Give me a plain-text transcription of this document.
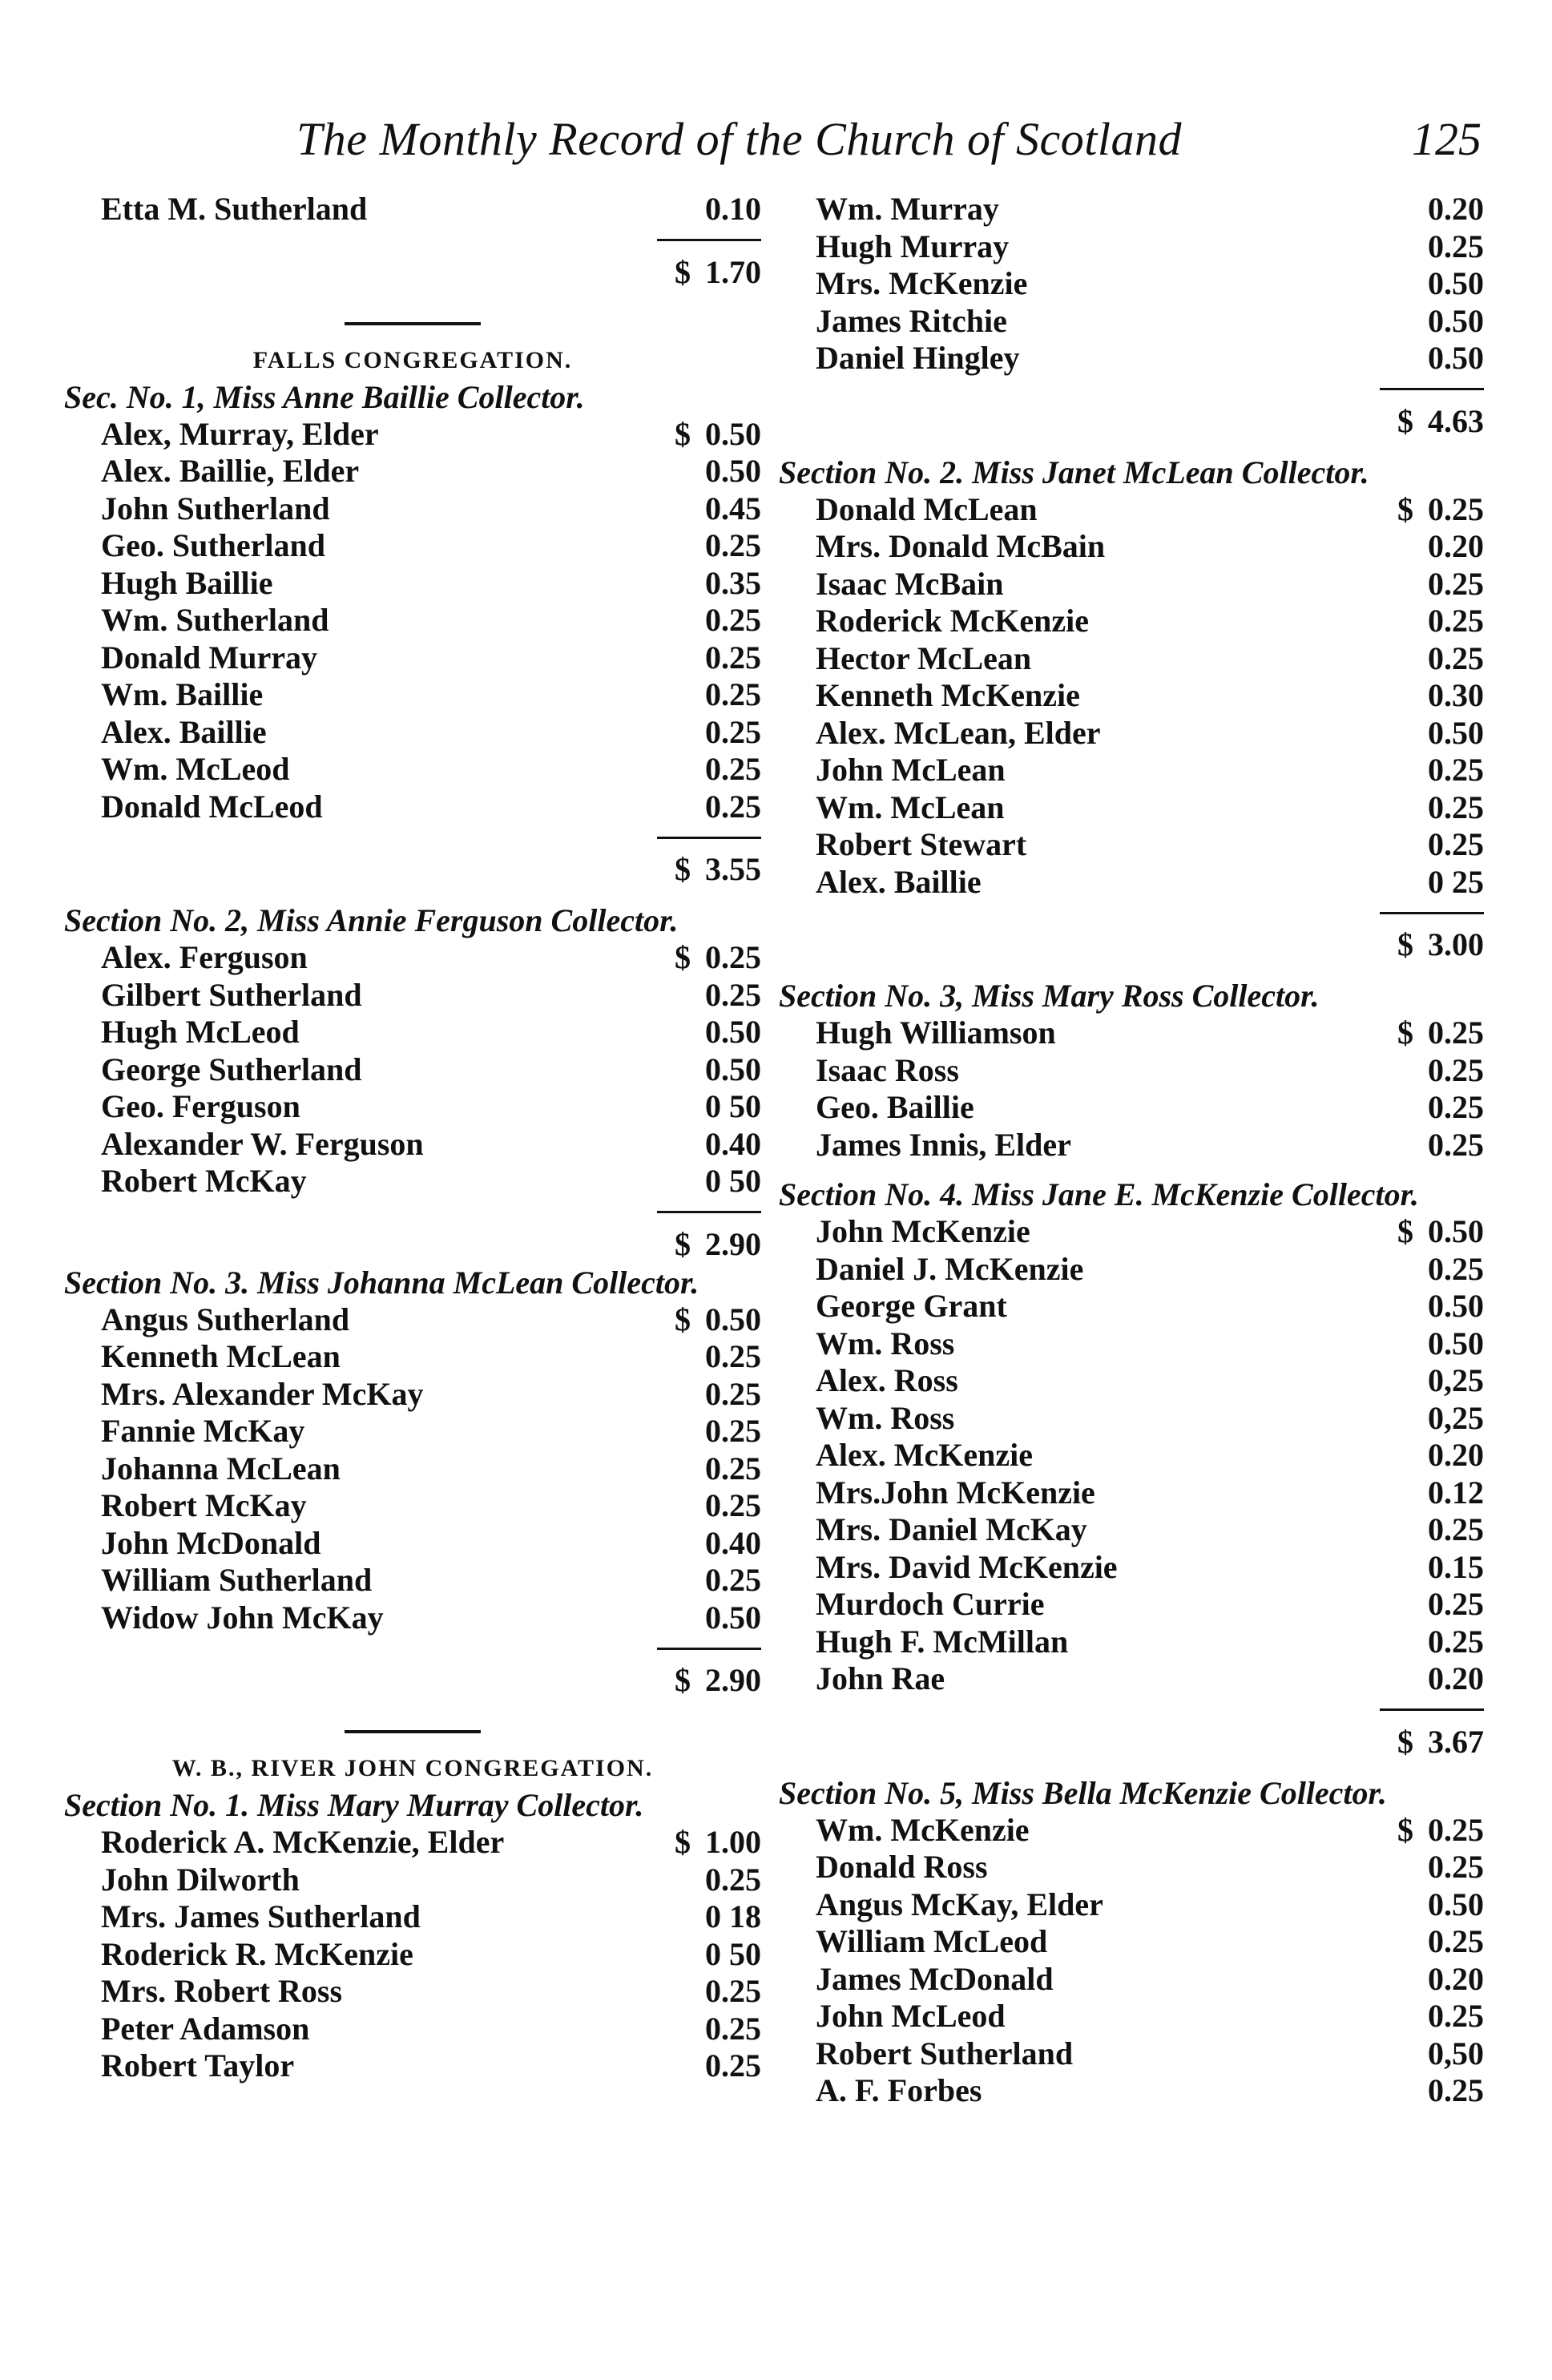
The Monthly Record of the Church of Scotland	125
Etta M. Sutherland	0.10
$ 1.70
FALLS CONGREGATION.
Sec. No. 1, Miss Anne Baillie Collector.
Alex, Murray, Elder	$ 0.50
Alex. Baillie, Elder	0.50
John Sutherland	0.45
Geo. Sutherland	0.25
Hugh Baillie	0.35
Wm. Sutherland	0.25
Donald Murray	0.25
Wm. Baillie	0.25
Alex. Baillie	0.25
Wm. McLeod	0.25
Donald McLeod	0.25
$ 3.55
Section No. 2, Miss Annie Ferguson Collector.
Alex. Ferguson	$ 0.25
Gilbert Sutherland	0.25
Hugh McLeod	0.50
George Sutherland	0.50
Geo. Ferguson	0 50
Alexander W. Ferguson	0.40
Robert McKay	0 50
$ 2.90
Section No. 3. Miss Johanna McLean Collector.
Angus Sutherland	$ 0.50
Kenneth McLean	0.25
Mrs. Alexander McKay	0.25
Fannie McKay	0.25
Johanna McLean	0.25
Robert McKay	0.25
John McDonald	0.40
William Sutherland	0.25
Widow John McKay	0.50
$ 2.90
W. B., RIVER JOHN CONGREGATION.
Section No. 1. Miss Mary Murray Collector.
Roderick A. McKenzie, Elder	$ 1.00
John Dilworth	0.25
Mrs. James Sutherland	0 18
Roderick R. McKenzie	0 50
Mrs. Robert Ross	0.25
Peter Adamson	0.25
Robert Taylor	0.25
Wm. Murray	0.20
Hugh Murray	0.25
Mrs. McKenzie	0.50
James Ritchie	0.50
Daniel Hingley	0.50
$ 4.63
Section No. 2. Miss Janet McLean Collector.
Donald McLean	$ 0.25
Mrs. Donald McBain	0.20
Isaac McBain	0.25
Roderick McKenzie	0.25
Hector McLean	0.25
Kenneth McKenzie	0.30
Alex. McLean, Elder	0.50
John McLean	0.25
Wm. McLean	0.25
Robert Stewart	0.25
Alex. Baillie	0 25
$ 3.00
Section No. 3, Miss Mary Ross Collector.
Hugh Williamson	$ 0.25
Isaac Ross	0.25
Geo. Baillie	0.25
James Innis, Elder	0.25
Section No. 4. Miss Jane E. McKenzie Collector.
John McKenzie	$ 0.50
Daniel J. McKenzie	0.25
George Grant	0.50
Wm. Ross	0.50
Alex. Ross	0,25
Wm. Ross	0,25
Alex. McKenzie	0.20
Mrs.John McKenzie	0.12
Mrs. Daniel McKay	0.25
Mrs. David McKenzie	0.15
Murdoch Currie	0.25
Hugh F. McMillan	0.25
John Rae	0.20
$ 3.67
Section No. 5, Miss Bella McKenzie Collector.
Wm. McKenzie	$ 0.25
Donald Ross	0.25
Angus McKay, Elder	0.50
William McLeod	0.25
James McDonald	0.20
John McLeod	0.25
Robert Sutherland	0,50
A. F. Forbes	0.25
